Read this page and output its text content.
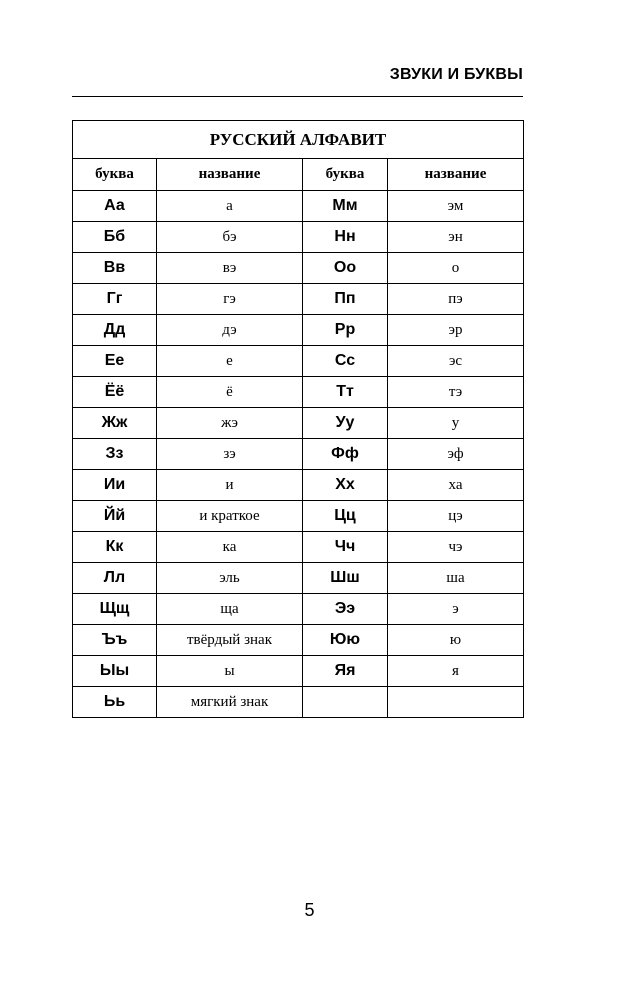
ЗВУКИ И БУКВЫ
РУССКИЙ АЛФАВИТ			
буква	название	буква	название
Аа	а	Мм	эм
Бб	бэ	Нн	эн
Вв	вэ	Оо	о
Гг	гэ	Пп	пэ
Дд	дэ	Рр	эр
Ее	е	Сс	эс
Ёё	ё	Тт	тэ
Жж	жэ	Уу	у
Зз	зэ	Фф	эф
Ии	и	Хх	ха
Йй	и краткое	Цц	цэ
Кк	ка	Чч	чэ
Лл	эль	Шш	ша
Щщ	ща	Ээ	э
Ъъ	твёрдый знак	Юю	ю
Ыы	ы	Яя	я
Ьь	мягкий знак		
5
